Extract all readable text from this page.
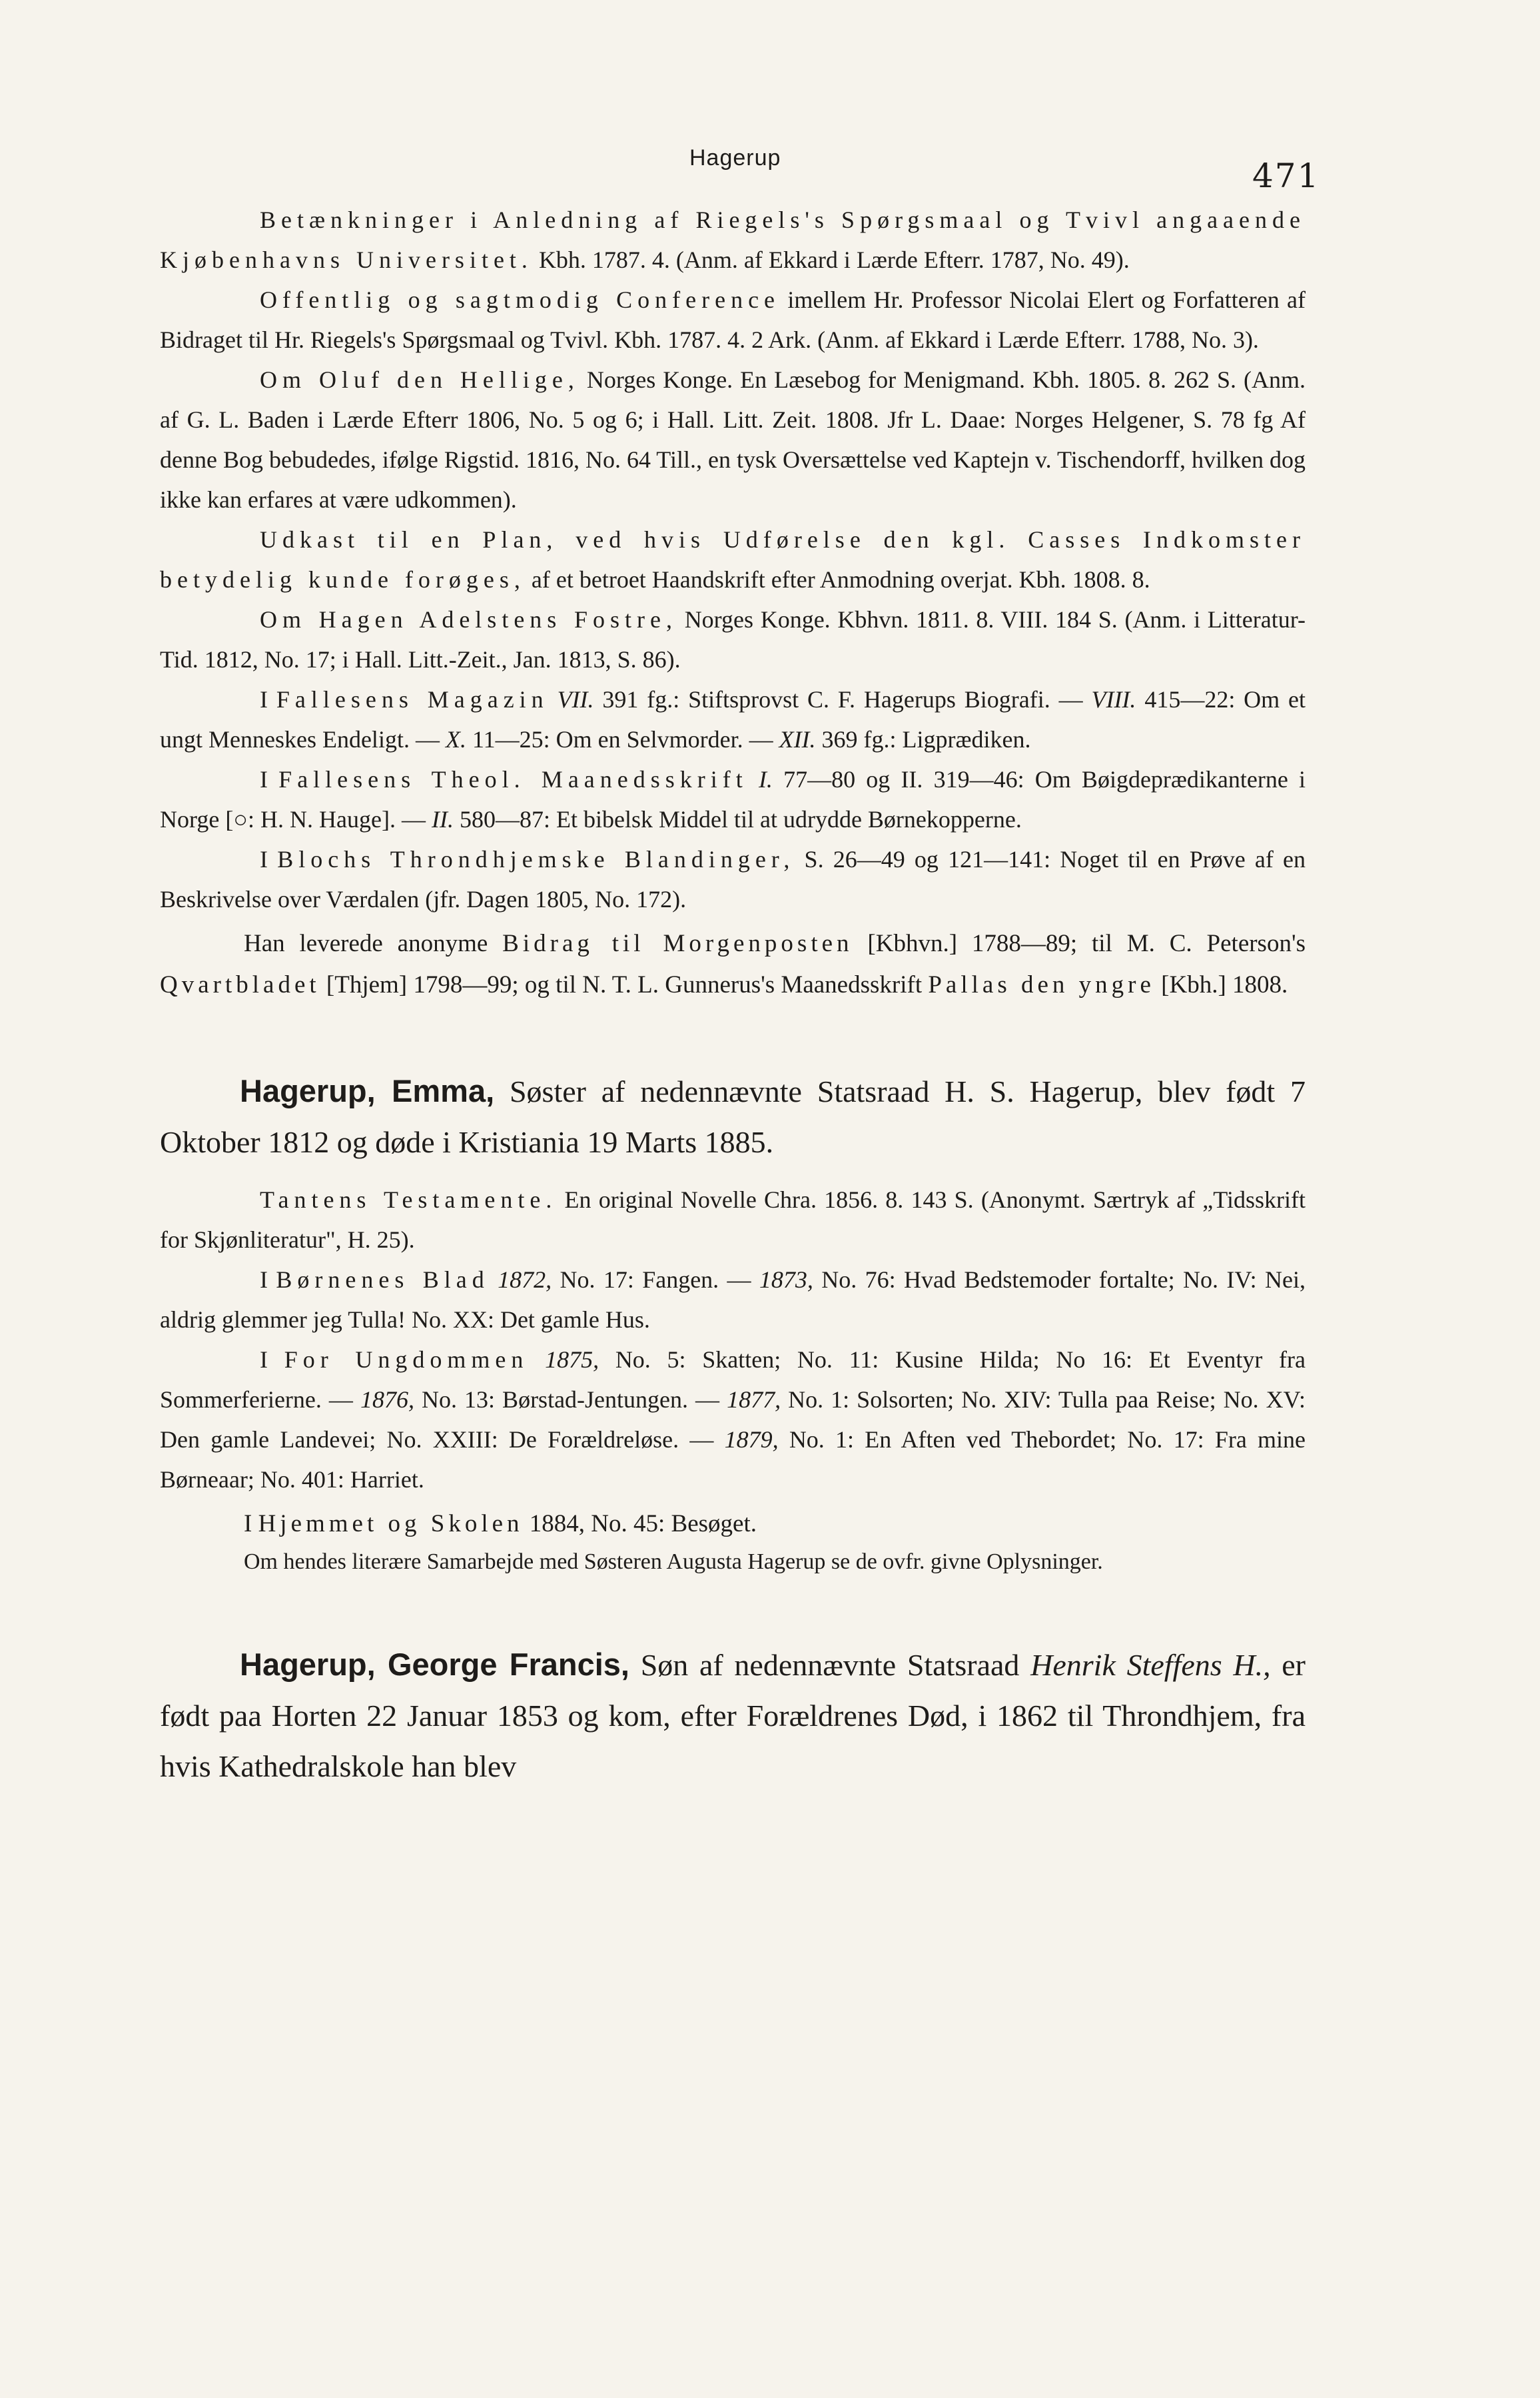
Hagerup	471

Betænkninger i Anledning af Riegels's Spørgsmaal og Tvivl angaaende Kjøbenhavns Universitet. Kbh. 1787. 4. (Anm. af Ekkard i Lærde Efterr. 1787, No. 49).

Offentlig og sagtmodig Conference imellem Hr. Professor Nicolai Elert og Forfatteren af Bidraget til Hr. Riegels's Spørgsmaal og Tvivl. Kbh. 1787. 4. 2 Ark. (Anm. af Ekkard i Lærde Efterr. 1788, No. 3).

Om Oluf den Hellige, Norges Konge. En Læsebog for Menigmand. Kbh. 1805. 8. 262 S. (Anm. af G. L. Baden i Lærde Efterr 1806, No. 5 og 6; i Hall. Litt. Zeit. 1808. Jfr L. Daae: Norges Helgener, S. 78 fg Af denne Bog bebudedes, ifølge Rigstid. 1816, No. 64 Till., en tysk Oversættelse ved Kaptejn v. Tischendorff, hvilken dog ikke kan erfares at være udkommen).

Udkast til en Plan, ved hvis Udførelse den kgl. Casses Indkomster betydelig kunde forøges, af et betroet Haandskrift efter Anmodning overjat. Kbh. 1808. 8.

Om Hagen Adelstens Fostre, Norges Konge. Kbhvn. 1811. 8. VIII. 184 S. (Anm. i Litteratur-Tid. 1812, No. 17; i Hall. Litt.-Zeit., Jan. 1813, S. 86).

I Fallesens Magazin VII. 391 fg.: Stiftsprovst C. F. Hagerups Biografi. — VIII. 415—22: Om et ungt Menneskes Endeligt. — X. 11—25: Om en Selvmorder. — XII. 369 fg.: Ligprædiken.

I Fallesens Theol. Maanedsskrift I. 77—80 og II. 319—46: Om Bøigdeprædikanterne i Norge [○: H. N. Hauge]. — II. 580—87: Et bibelsk Middel til at udrydde Børnekopperne.

I Blochs Throndhjemske Blandinger, S. 26—49 og 121—141: Noget til en Prøve af en Beskrivelse over Værdalen (jfr. Dagen 1805, No. 172).

Han leverede anonyme Bidrag til Morgenposten [Kbhvn.] 1788—89; til M. C. Peterson's Qvartbladet [Thjem] 1798—99; og til N. T. L. Gunnerus's Maanedsskrift Pallas den yngre [Kbh.] 1808.

Hagerup, Emma, Søster af nedennævnte Statsraad H. S. Hagerup, blev født 7 Oktober 1812 og døde i Kristiania 19 Marts 1885.

Tantens Testamente. En original Novelle Chra. 1856. 8. 143 S. (Anonymt. Særtryk af „Tidsskrift for Skjønliteratur", H. 25).

I Børnenes Blad 1872, No. 17: Fangen. — 1873, No. 76: Hvad Bedstemoder fortalte; No. IV: Nei, aldrig glemmer jeg Tulla! No. XX: Det gamle Hus.

I For Ungdommen 1875, No. 5: Skatten; No. 11: Kusine Hilda; No 16: Et Eventyr fra Sommerferierne. — 1876, No. 13: Børstad-Jentungen. — 1877, No. 1: Solsorten; No. XIV: Tulla paa Reise; No. XV: Den gamle Landevei; No. XXIII: De Forældreløse. — 1879, No. 1: En Aften ved Thebordet; No. 17: Fra mine Børneaar; No. 401: Harriet.

I Hjemmet og Skolen 1884, No. 45: Besøget.

Om hendes literære Samarbejde med Søsteren Augusta Hagerup se de ovfr. givne Oplysninger.

Hagerup, George Francis, Søn af nedennævnte Statsraad Henrik Steffens H., er født paa Horten 22 Januar 1853 og kom, efter Forældrenes Død, i 1862 til Throndhjem, fra hvis Kathedralskole han blev
